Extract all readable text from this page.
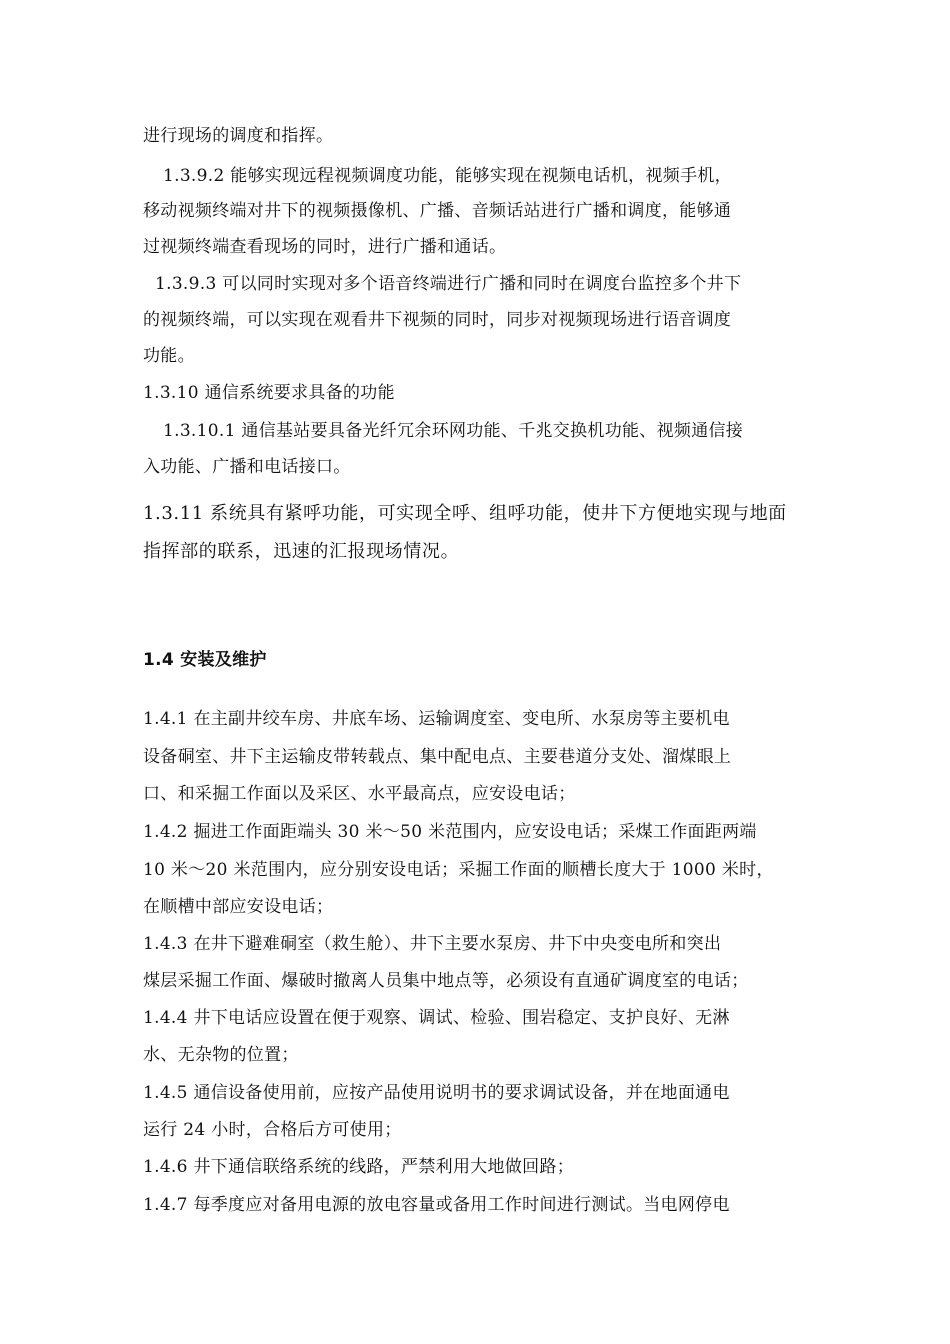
进行现场的调度和指挥。
1.3.9.2 能够实现远程视频调度功能，能够实现在视频电话机，视频手机，
移动视频终端对井下的视频摄像机、广播、音频话站进行广播和调度，能够通
过视频终端查看现场的同时，进行广播和通话。
1.3.9.3 可以同时实现对多个语音终端进行广播和同时在调度台监控多个井下
的视频终端，可以实现在观看井下视频的同时，同步对视频现场进行语音调度
功能。
1.3.10 通信系统要求具备的功能
1.3.10.1 通信基站要具备光纤冗余环网功能、千兆交换机功能、视频通信接
入功能、广播和电话接口。
1.3.11 系统具有紧呼功能，可实现全呼、组呼功能，使井下方便地实现与地面
指挥部的联系，迅速的汇报现场情况。
1.4 安装及维护
1.4.1 在主副井绞车房、井底车场、运输调度室、变电所、水泵房等主要机电
设备硐室、井下主运输皮带转载点、集中配电点、主要巷道分支处、溜煤眼上
口、和采掘工作面以及采区、水平最高点，应安设电话；
1.4.2 掘进工作面距端头 30 米～50 米范围内，应安设电话；采煤工作面距两端
10 米～20 米范围内，应分别安设电话；采掘工作面的顺槽长度大于 1000 米时，
在顺槽中部应安设电话；
1.4.3 在井下避难硐室（救生舱）、井下主要水泵房、井下中央变电所和突出
煤层采掘工作面、爆破时撤离人员集中地点等，必须设有直通矿调度室的电话；
1.4.4 井下电话应设置在便于观察、调试、检验、围岩稳定、支护良好、无淋
水、无杂物的位置；
1.4.5 通信设备使用前，应按产品使用说明书的要求调试设备，并在地面通电
运行 24 小时，合格后方可使用；
1.4.6 井下通信联络系统的线路，严禁利用大地做回路；
1.4.7 每季度应对备用电源的放电容量或备用工作时间进行测试。当电网停电
